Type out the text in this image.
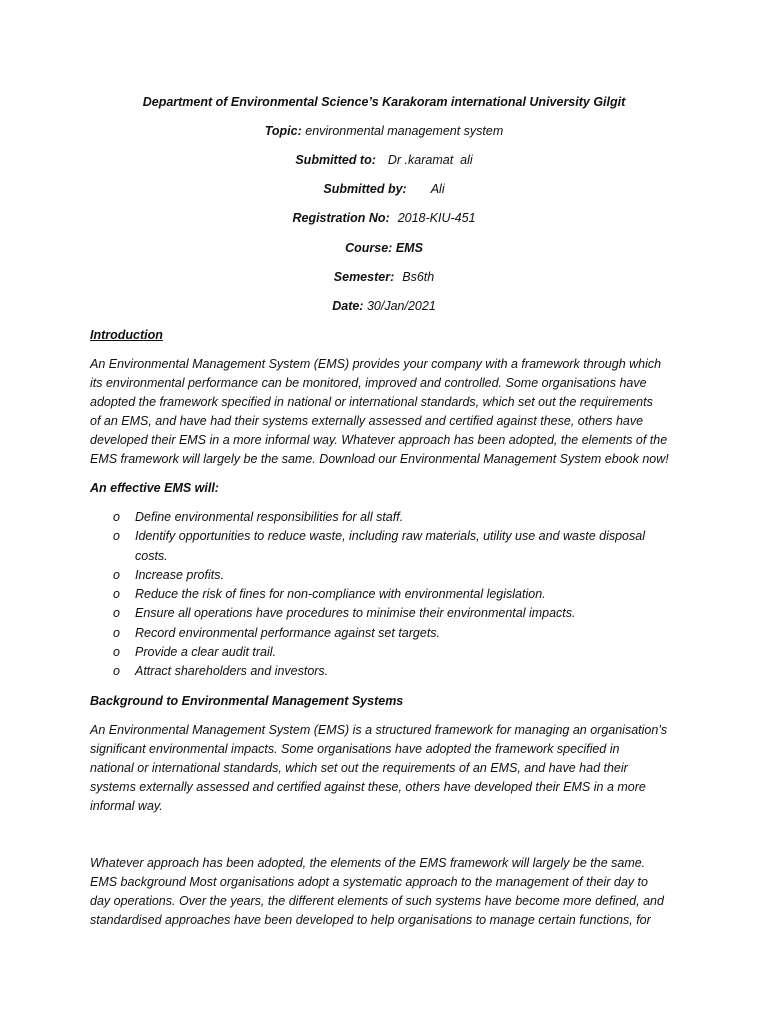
Department of Environmental Science’s Karakoram international University Gilgit
Topic: environmental management system
Submitted to: Dr .karamat  ali
Submitted by: Ali
Registration No: 2018-KIU-451
Course: EMS
Semester: Bs6th
Date: 30/Jan/2021
Introduction
An Environmental Management System (EMS) provides your company with a framework through which
its environmental performance can be monitored, improved and controlled. Some organisations have
adopted the framework specified in national or international standards, which set out the requirements
of an EMS, and have had their systems externally assessed and certified against these, others have
developed their EMS in a more informal way. Whatever approach has been adopted, the elements of the
EMS framework will largely be the same. Download our Environmental Management System ebook now!
An effective EMS will:
o Define environmental responsibilities for all staff.
o Identify opportunities to reduce waste, including raw materials, utility use and waste disposal
costs.
o Increase profits.
o Reduce the risk of fines for non-compliance with environmental legislation.
o Ensure all operations have procedures to minimise their environmental impacts.
o Record environmental performance against set targets.
o Provide a clear audit trail.
o Attract shareholders and investors.
Background to Environmental Management Systems
An Environmental Management System (EMS) is a structured framework for managing an organisation’s
significant environmental impacts. Some organisations have adopted the framework specified in
national or international standards, which set out the requirements of an EMS, and have had their
systems externally assessed and certified against these, others have developed their EMS in a more
informal way.
Whatever approach has been adopted, the elements of the EMS framework will largely be the same.
EMS background Most organisations adopt a systematic approach to the management of their day to
day operations. Over the years, the different elements of such systems have become more defined, and
standardised approaches have been developed to help organisations to manage certain functions, for
